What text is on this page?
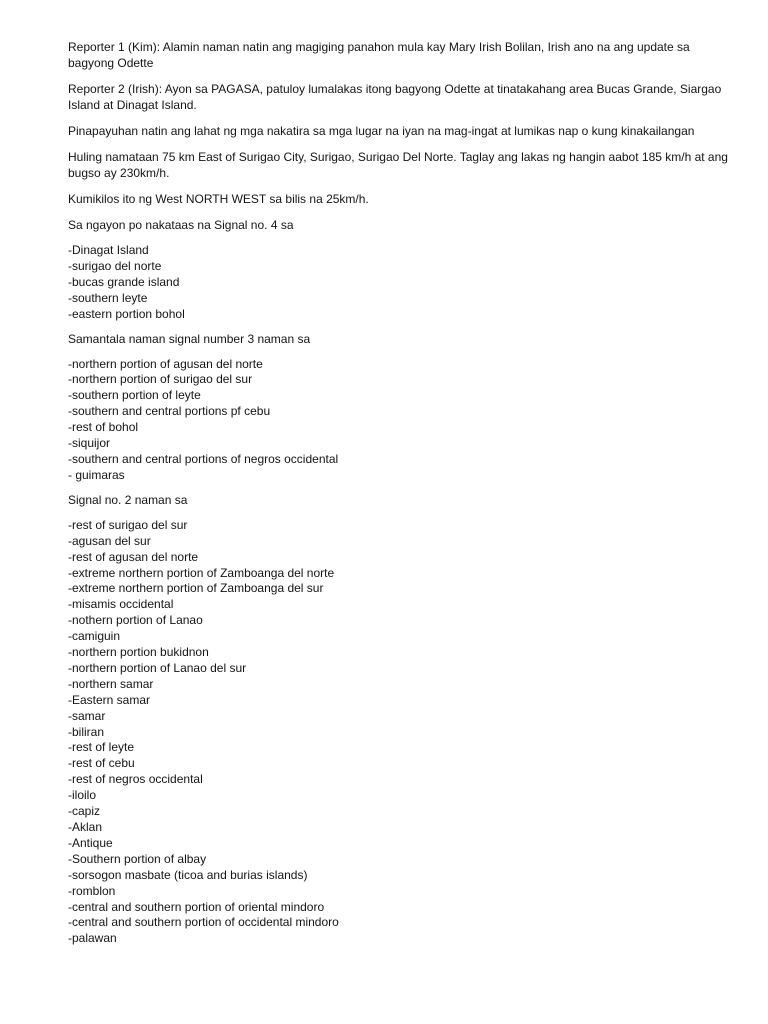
Reporter 1 (Kim): Alamin naman natin ang magiging panahon mula kay Mary Irish Bolilan, Irish ano na ang update sa bagyong Odette

Reporter 2 (Irish): Ayon sa PAGASA, patuloy lumalakas itong bagyong Odette at tinatakahang area Bucas Grande, Siargao Island at Dinagat Island.

Pinapayuhan natin ang lahat ng mga nakatira sa mga lugar na iyan na mag-ingat at lumikas nap o kung kinakailangan

Huling namataan 75 km East of Surigao City, Surigao, Surigao Del Norte. Taglay ang lakas ng hangin aabot 185 km/h at ang bugso ay 230km/h.

Kumikilos ito ng West NORTH WEST sa bilis na 25km/h.

Sa ngayon po nakataas na Signal no. 4 sa

-Dinagat Island
-surigao del norte
-bucas grande island
-southern leyte
-eastern portion bohol

Samantala naman signal number 3 naman sa

-northern portion of agusan del norte
-northern portion of surigao del sur
-southern portion of leyte
-southern and central portions pf cebu
-rest of bohol
-siquijor
-southern and central portions of negros occidental
- guimaras

Signal no. 2 naman sa

-rest of surigao del sur
-agusan del sur
-rest of agusan del norte
-extreme northern portion of Zamboanga del norte
-extreme northern portion of Zamboanga del sur
-misamis occidental
-nothern portion of Lanao
-camiguin
-northern portion bukidnon
-northern portion of Lanao del sur
-northern samar
-Eastern samar
-samar
-biliran
-rest of leyte
-rest of cebu
-rest of negros occidental
-iloilo
-capiz
-Aklan
-Antique
-Southern portion of albay
-sorsogon masbate (ticoa and burias islands)
-romblon
-central and southern portion of oriental mindoro
-central and southern portion of occidental mindoro
-palawan
